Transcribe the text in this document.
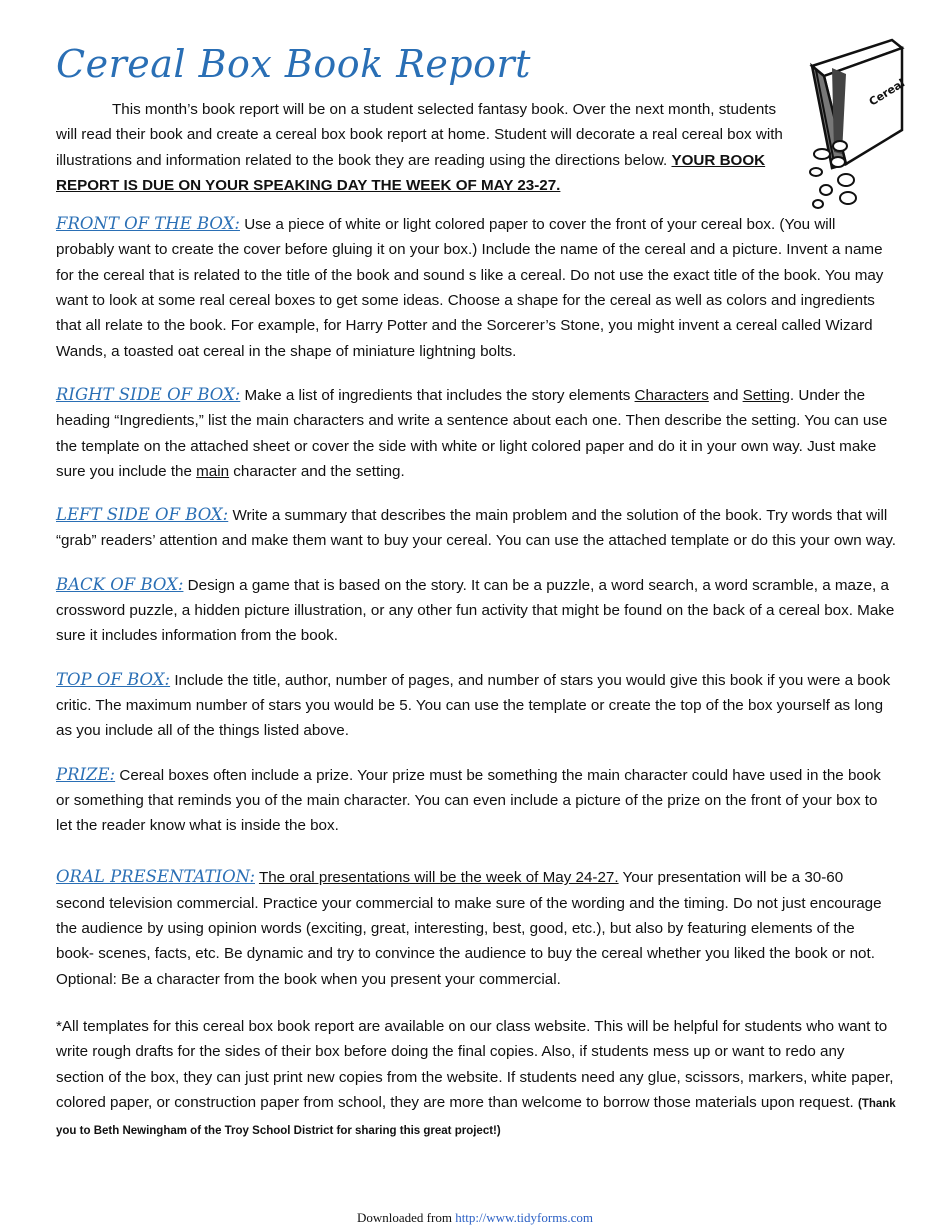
Cereal Box Book Report
Cereal

This month’s book report will be on a student selected fantasy book. Over the next month, students will read their book and create a cereal box book report at home. Student will decorate a real cereal box with illustrations and information related to the book they are reading using the directions below. YOUR BOOK REPORT IS DUE ON YOUR SPEAKING DAY THE WEEK OF MAY 23-27.

FRONT OF THE BOX: Use a piece of white or light colored paper to cover the front of your cereal box. (You will probably want to create the cover before gluing it on your box.) Include the name of the cereal and a picture. Invent a name for the cereal that is related to the title of the book and sound s like a cereal. Do not use the exact title of the book. You may want to look at some real cereal boxes to get some ideas. Choose a shape for the cereal as well as colors and ingredients that all relate to the book. For example, for Harry Potter and the Sorcerer’s Stone, you might invent a cereal called Wizard Wands, a toasted oat cereal in the shape of miniature lightning bolts.

RIGHT SIDE OF BOX: Make a list of ingredients that includes the story elements Characters and Setting. Under the heading “Ingredients,” list the main characters and write a sentence about each one. Then describe the setting. You can use the template on the attached sheet or cover the side with white or light colored paper and do it in your own way. Just make sure you include the main character and the setting.

LEFT SIDE OF BOX: Write a summary that describes the main problem and the solution of the book. Try words that will “grab” readers’ attention and make them want to buy your cereal. You can use the attached template or do this your own way.

BACK OF BOX: Design a game that is based on the story. It can be a puzzle, a word search, a word scramble, a maze, a crossword puzzle, a hidden picture illustration, or any other fun activity that might be found on the back of a cereal box. Make sure it includes information from the book.

TOP OF BOX: Include the title, author, number of pages, and number of stars you would give this book if you were a book critic. The maximum number of stars you would be 5. You can use the template or create the top of the box yourself as long as you include all of the things listed above.

PRIZE: Cereal boxes often include a prize. Your prize must be something the main character could have used in the book or something that reminds you of the main character. You can even include a picture of the prize on the front of your box to let the reader know what is inside the box.

ORAL PRESENTATION: The oral presentations will be the week of May 24-27. Your presentation will be a 30-60 second television commercial. Practice your commercial to make sure of the wording and the timing. Do not just encourage the audience by using opinion words (exciting, great, interesting, best, good, etc.), but also by featuring elements of the book- scenes, facts, etc. Be dynamic and try to convince the audience to buy the cereal whether you liked the book or not. Optional: Be a character from the book when you present your commercial.

*All templates for this cereal box book report are available on our class website. This will be helpful for students who want to write rough drafts for the sides of their box before doing the final copies. Also, if students mess up or want to redo any section of the box, they can just print new copies from the website. If students need any glue, scissors, markers, white paper, colored paper, or construction paper from school, they are more than welcome to borrow those materials upon request. (Thank you to Beth Newingham of the Troy School District for sharing this great project!)

Downloaded from http://www.tidyforms.com
